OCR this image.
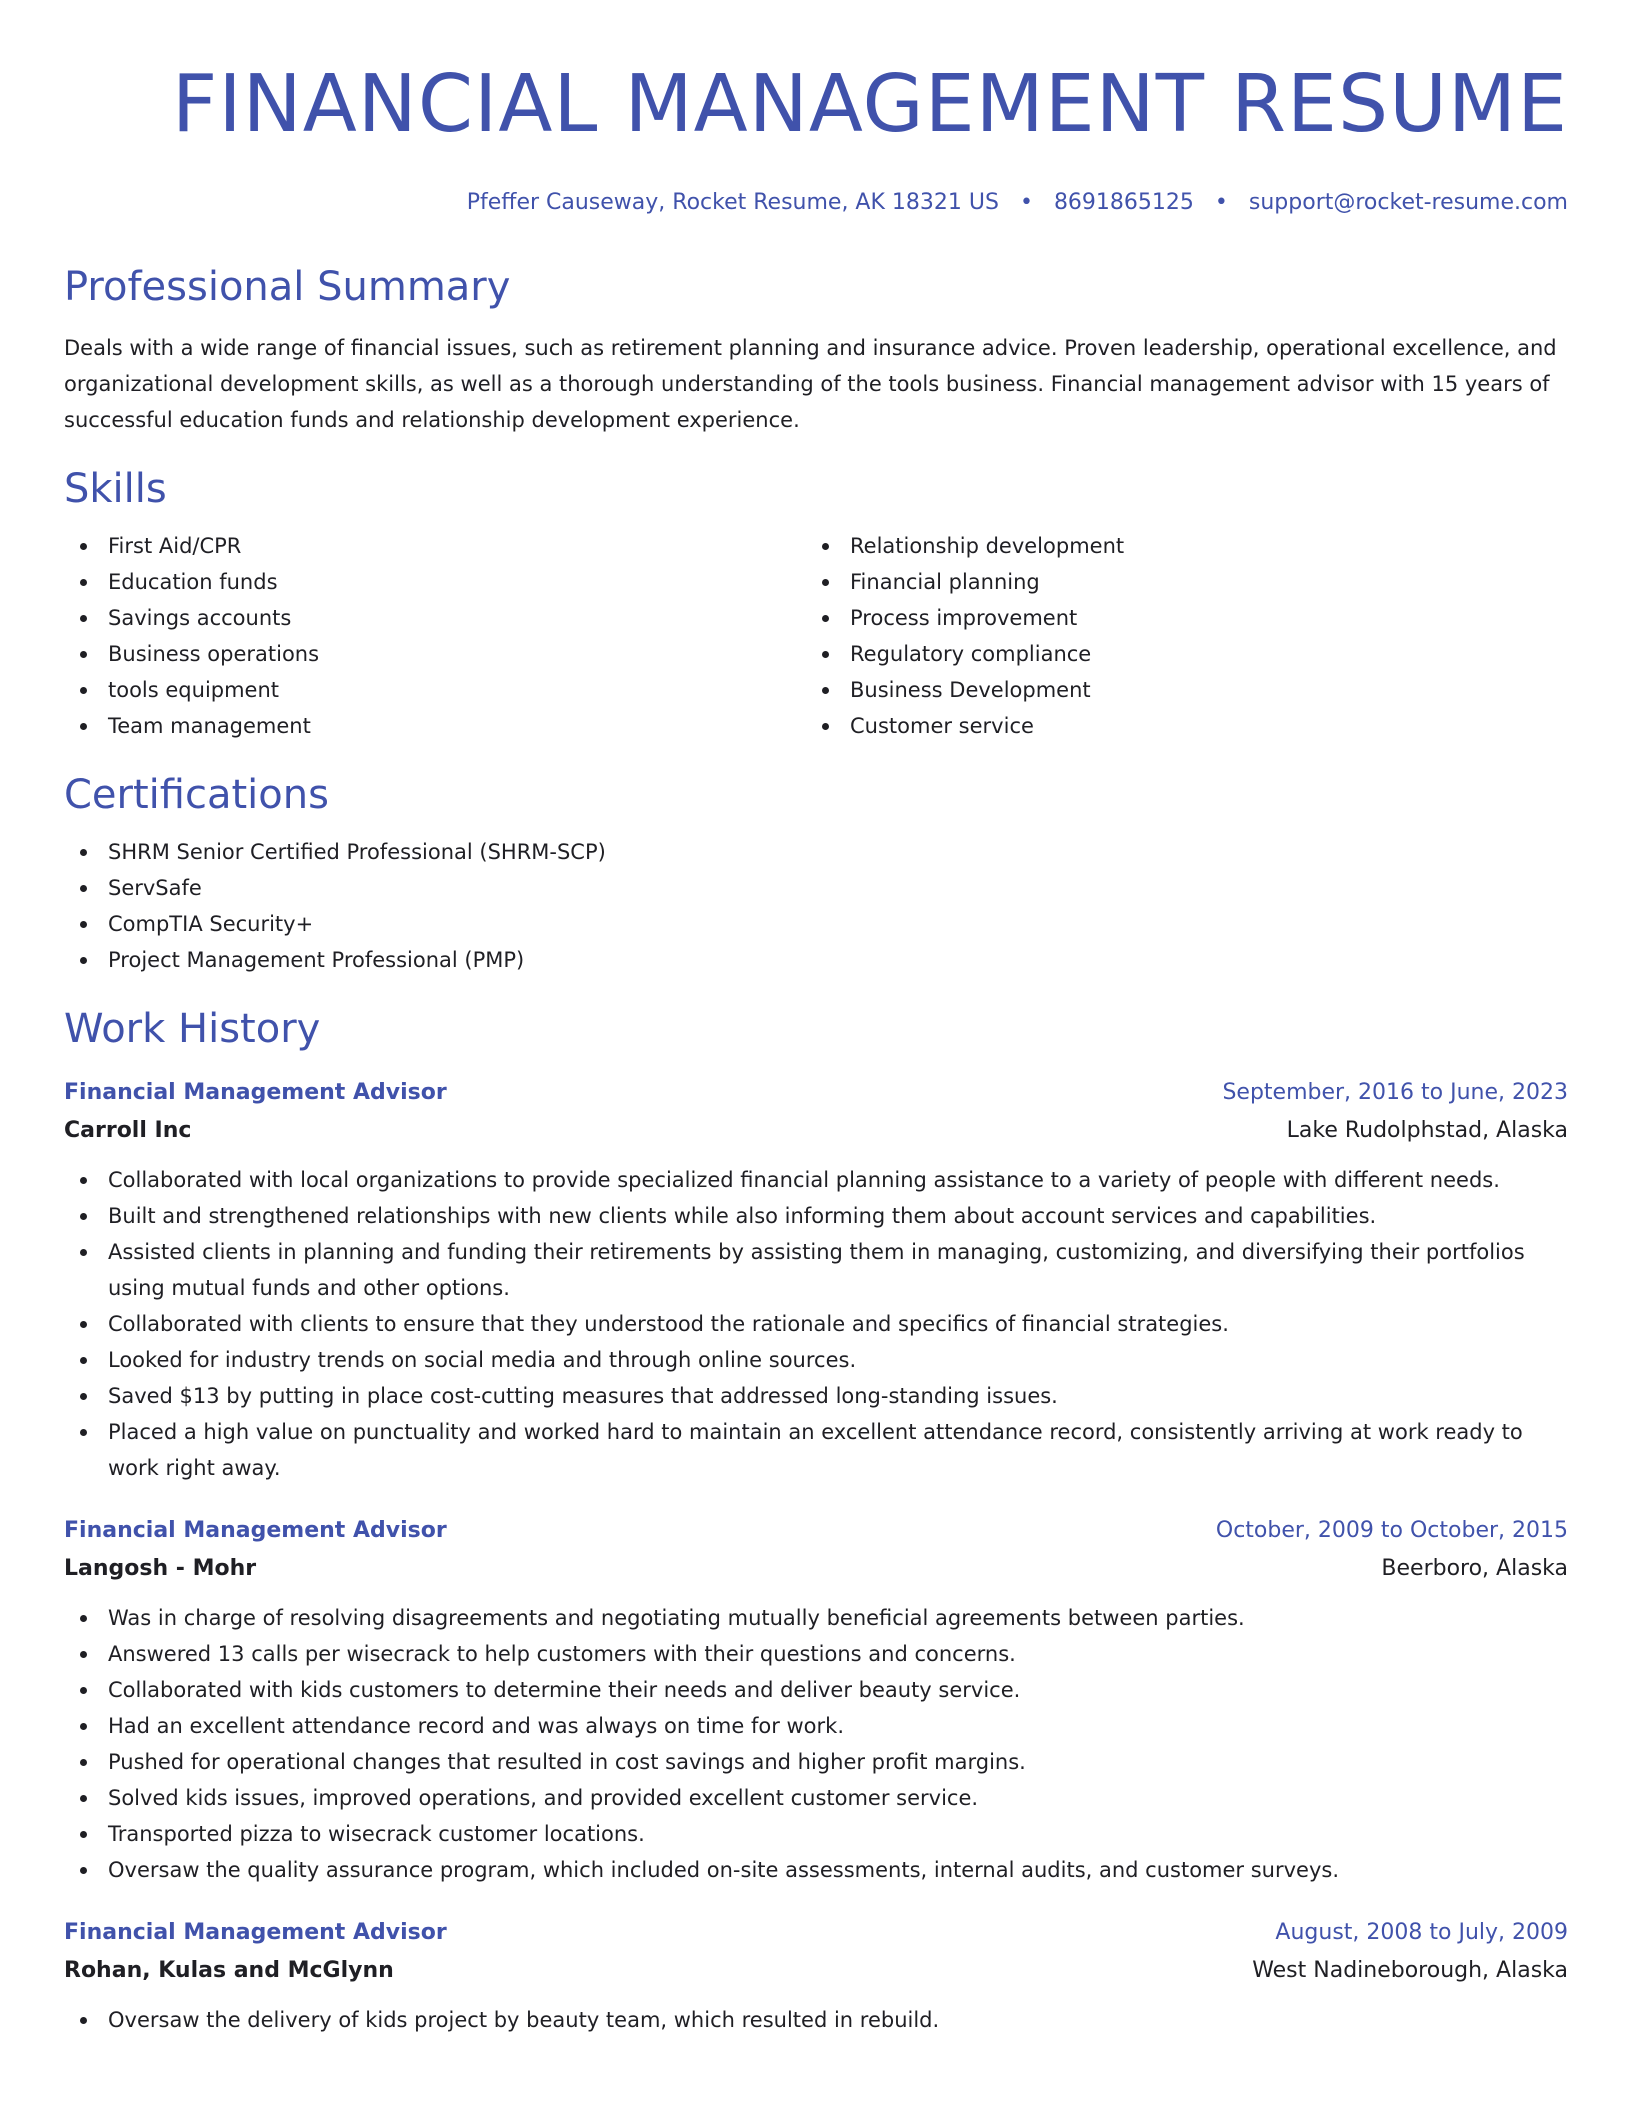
FINANCIAL MANAGEMENT RESUME
Pfeffer Causeway, Rocket Resume, AK 18321 US • 8691865125 • support@rocket-resume.com
Professional Summary

Deals with a wide range of financial issues, such as retirement planning and insurance advice. Proven leadership, operational excellence, and organizational development skills, as well as a thorough understanding of the tools business. Financial management advisor with 15 years of successful education funds and relationship development experience.

Skills
First Aid/CPR
Education funds
Savings accounts
Business operations
tools equipment
Team management
Relationship development
Financial planning
Process improvement
Regulatory compliance
Business Development
Customer service
Certifications
SHRM Senior Certified Professional (SHRM-SCP)
ServSafe
CompTIA Security+
Project Management Professional (PMP)
Work History
Financial Management Advisor	September, 2016 to June, 2023
Carroll Inc	Lake Rudolphstad, Alaska
Collaborated with local organizations to provide specialized financial planning assistance to a variety of people with different needs.
Built and strengthened relationships with new clients while also informing them about account services and capabilities.
Assisted clients in planning and funding their retirements by assisting them in managing, customizing, and diversifying their portfolios using mutual funds and other options.
Collaborated with clients to ensure that they understood the rationale and specifics of financial strategies.
Looked for industry trends on social media and through online sources.
Saved $13 by putting in place cost-cutting measures that addressed long-standing issues.
Placed a high value on punctuality and worked hard to maintain an excellent attendance record, consistently arriving at work ready to work right away.
Financial Management Advisor	October, 2009 to October, 2015
Langosh - Mohr	Beerboro, Alaska
Was in charge of resolving disagreements and negotiating mutually beneficial agreements between parties.
Answered 13 calls per wisecrack to help customers with their questions and concerns.
Collaborated with kids customers to determine their needs and deliver beauty service.
Had an excellent attendance record and was always on time for work.
Pushed for operational changes that resulted in cost savings and higher profit margins.
Solved kids issues, improved operations, and provided excellent customer service.
Transported pizza to wisecrack customer locations.
Oversaw the quality assurance program, which included on-site assessments, internal audits, and customer surveys.
Financial Management Advisor	August, 2008 to July, 2009
Rohan, Kulas and McGlynn	West Nadineborough, Alaska
Oversaw the delivery of kids project by beauty team, which resulted in rebuild.
